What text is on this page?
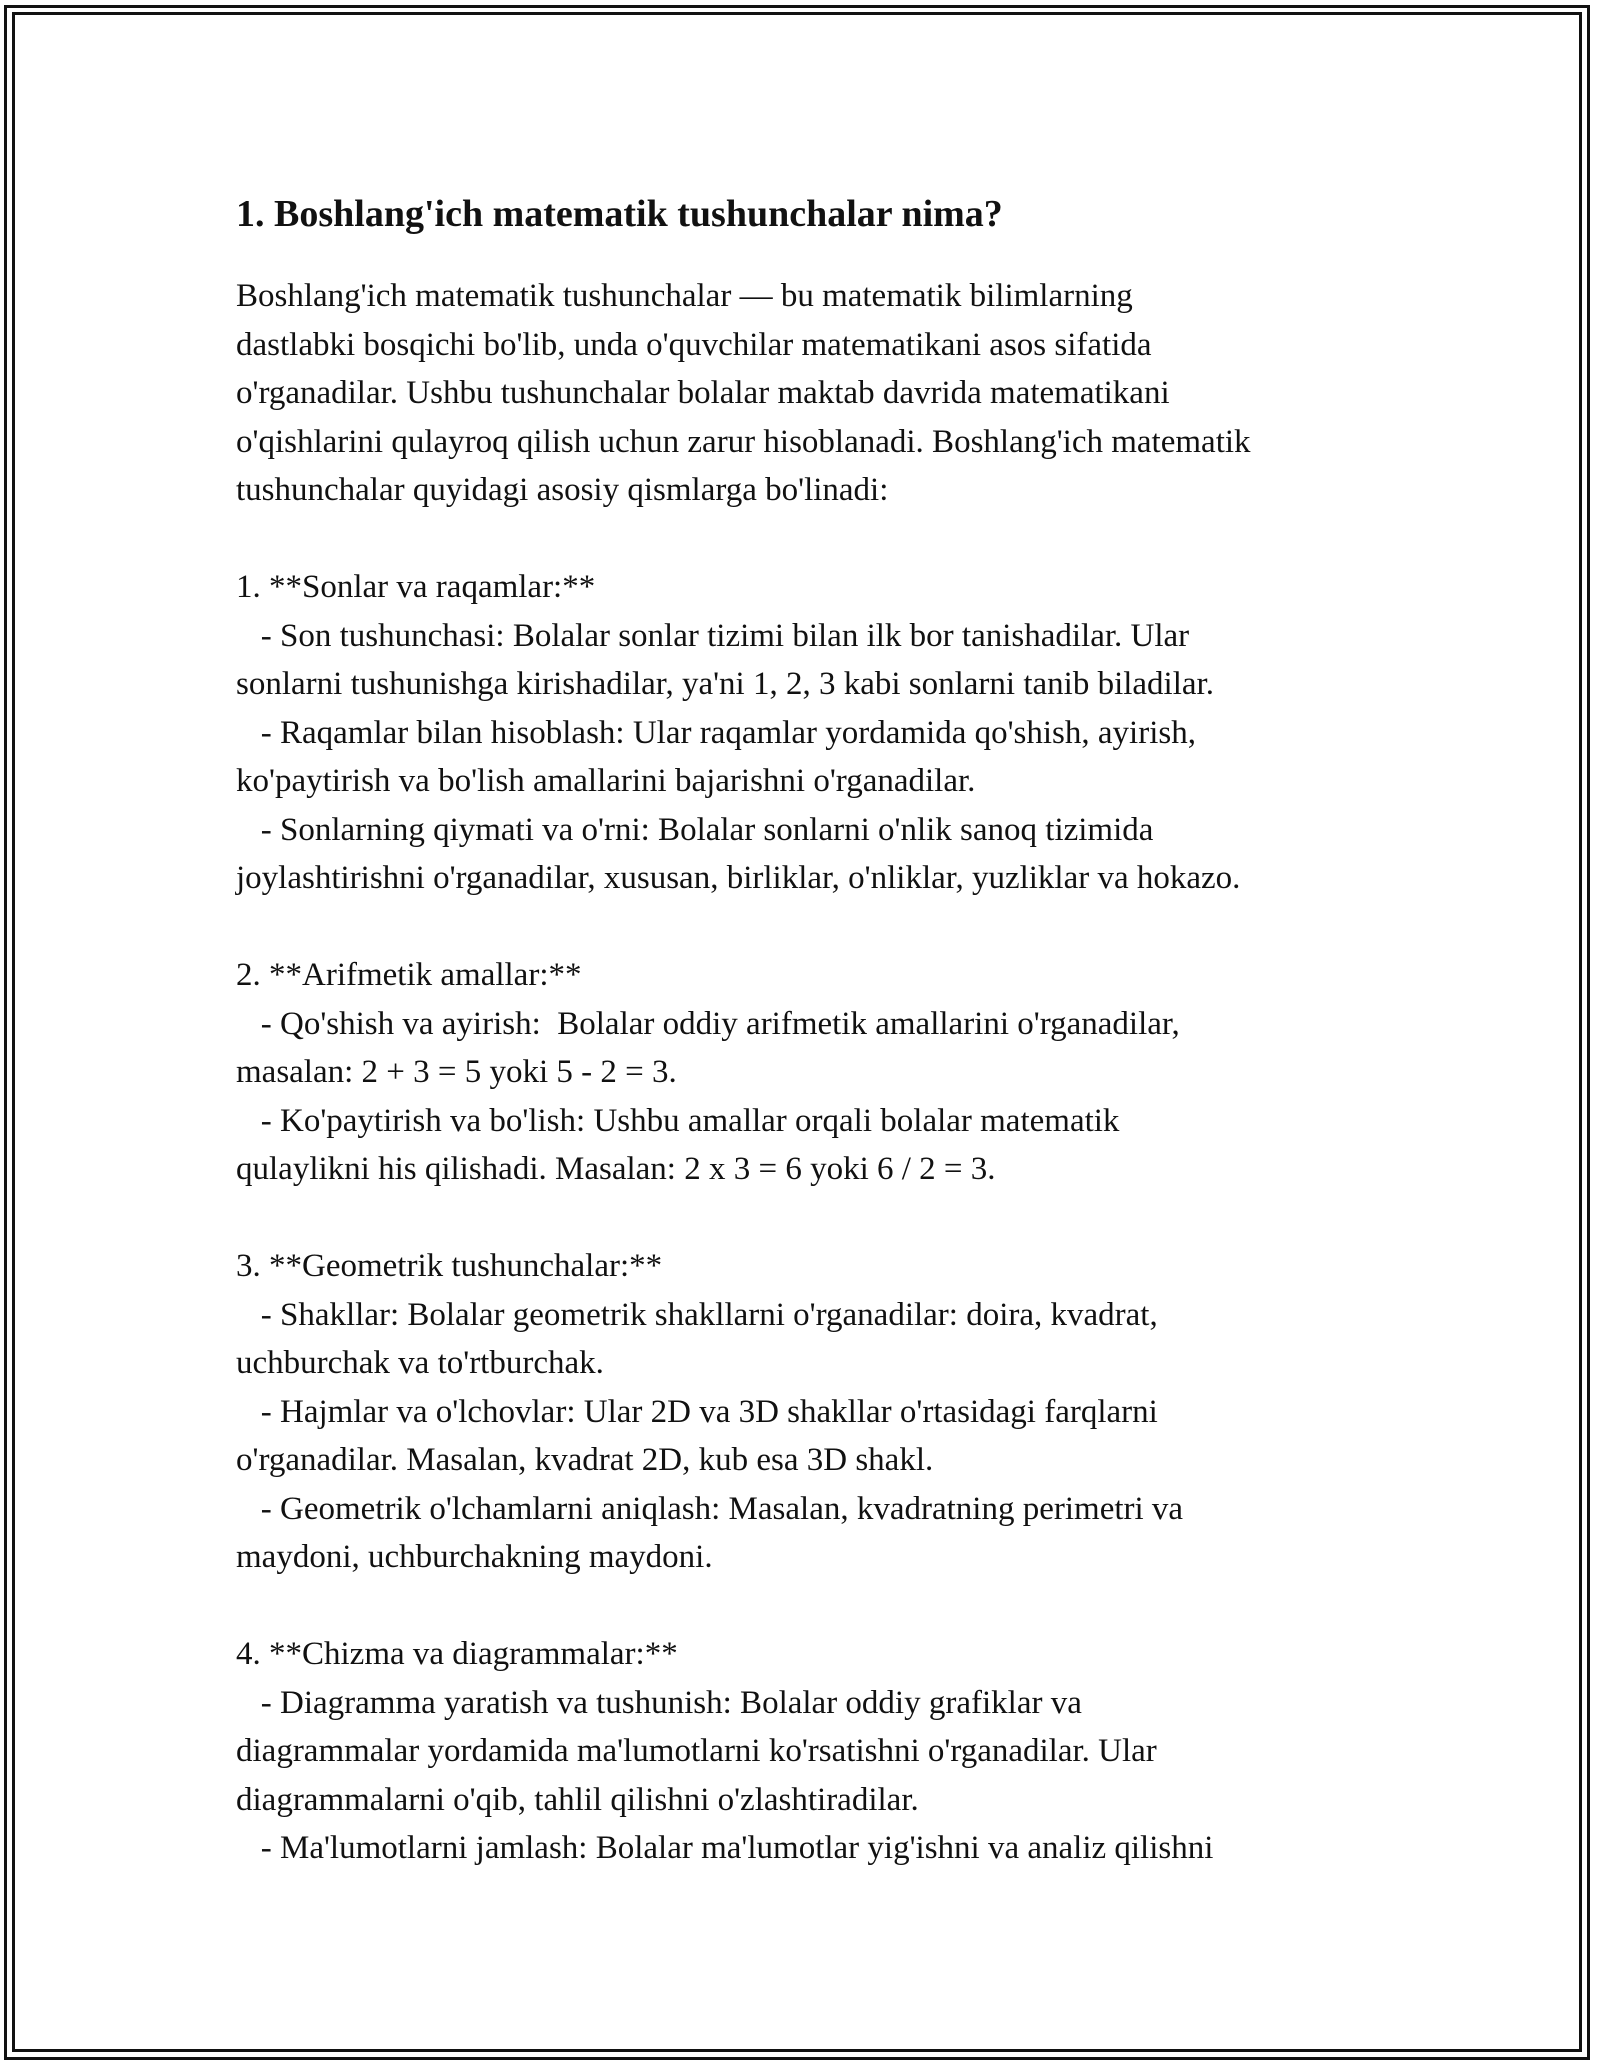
1. Boshlang'ich matematik tushunchalar nima?
Boshlang'ich matematik tushunchalar — bu matematik bilimlarning
dastlabki bosqichi bo'lib, unda o'quvchilar matematikani asos sifatida
o'rganadilar. Ushbu tushunchalar bolalar maktab davrida matematikani
o'qishlarini qulayroq qilish uchun zarur hisoblanadi. Boshlang'ich matematik
tushunchalar quyidagi asosiy qismlarga bo'linadi:
1. **Sonlar va raqamlar:**
- Son tushunchasi: Bolalar sonlar tizimi bilan ilk bor tanishadilar. Ular
sonlarni tushunishga kirishadilar, ya'ni 1, 2, 3 kabi sonlarni tanib biladilar.
- Raqamlar bilan hisoblash: Ular raqamlar yordamida qo'shish, ayirish,
ko'paytirish va bo'lish amallarini bajarishni o'rganadilar.
- Sonlarning qiymati va o'rni: Bolalar sonlarni o'nlik sanoq tizimida
joylashtirishni o'rganadilar, xususan, birliklar, o'nliklar, yuzliklar va hokazo.
2. **Arifmetik amallar:**
- Qo'shish va ayirish:  Bolalar oddiy arifmetik amallarini o'rganadilar,
masalan: 2 + 3 = 5 yoki 5 - 2 = 3.
- Ko'paytirish va bo'lish: Ushbu amallar orqali bolalar matematik
qulaylikni his qilishadi. Masalan: 2 x 3 = 6 yoki 6 / 2 = 3.
3. **Geometrik tushunchalar:**
- Shakllar: Bolalar geometrik shakllarni o'rganadilar: doira, kvadrat,
uchburchak va to'rtburchak.
- Hajmlar va o'lchovlar: Ular 2D va 3D shakllar o'rtasidagi farqlarni
o'rganadilar. Masalan, kvadrat 2D, kub esa 3D shakl.
- Geometrik o'lchamlarni aniqlash: Masalan, kvadratning perimetri va
maydoni, uchburchakning maydoni.
4. **Chizma va diagrammalar:**
- Diagramma yaratish va tushunish: Bolalar oddiy grafiklar va
diagrammalar yordamida ma'lumotlarni ko'rsatishni o'rganadilar. Ular
diagrammalarni o'qib, tahlil qilishni o'zlashtiradilar.
- Ma'lumotlarni jamlash: Bolalar ma'lumotlar yig'ishni va analiz qilishni
